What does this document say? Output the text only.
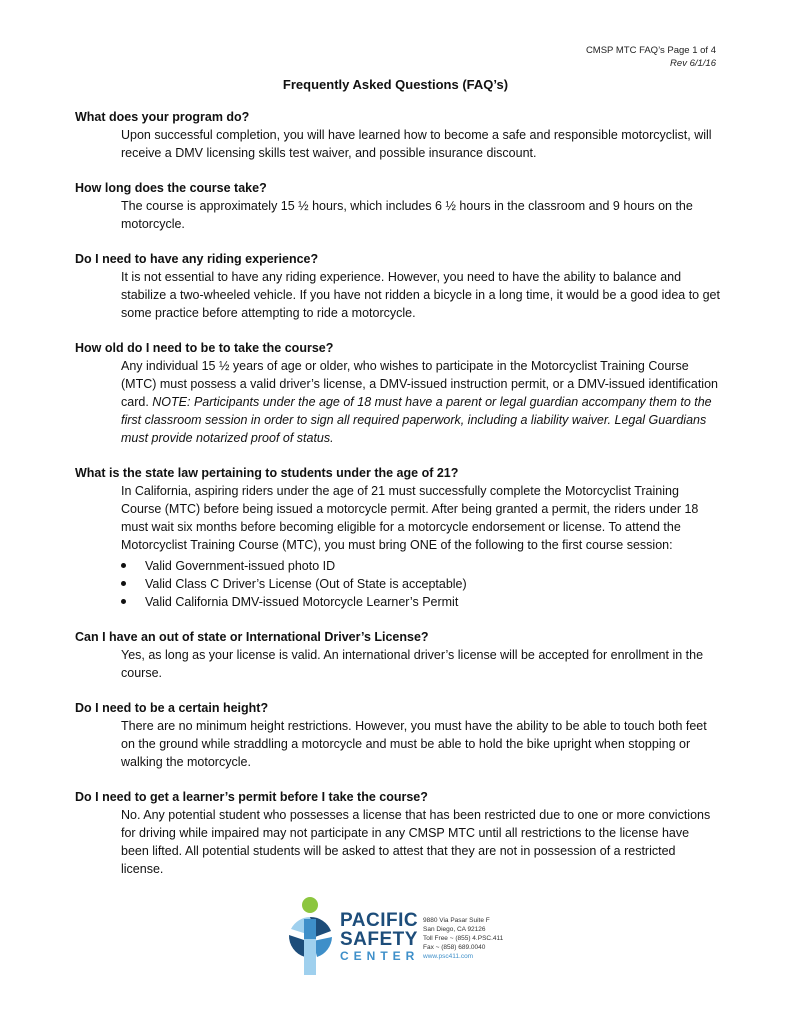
CMSP MTC FAQ’s Page 1 of 4
Rev 6/1/16
Frequently Asked Questions (FAQ’s)
What does your program do?
Upon successful completion, you will have learned how to become a safe and responsible motorcyclist, will receive a DMV licensing skills test waiver, and possible insurance discount.
How long does the course take?
The course is approximately 15 ½ hours, which includes 6 ½ hours in the classroom and 9 hours on the motorcycle.
Do I need to have any riding experience?
It is not essential to have any riding experience. However, you need to have the ability to balance and stabilize a two-wheeled vehicle. If you have not ridden a bicycle in a long time, it would be a good idea to get some practice before attempting to ride a motorcycle.
How old do I need to be to take the course?
Any individual 15 ½ years of age or older, who wishes to participate in the Motorcyclist Training Course (MTC) must possess a valid driver’s license, a DMV-issued instruction permit, or a DMV-issued identification card. NOTE: Participants under the age of 18 must have a parent or legal guardian accompany them to the first classroom session in order to sign all required paperwork, including a liability waiver. Legal Guardians must provide notarized proof of status.
What is the state law pertaining to students under the age of 21?
In California, aspiring riders under the age of 21 must successfully complete the Motorcyclist Training Course (MTC) before being issued a motorcycle permit. After being granted a permit, the riders under 18 must wait six months before becoming eligible for a motorcycle endorsement or license. To attend the Motorcyclist Training Course (MTC), you must bring ONE of the following to the first course session:
Valid Government-issued photo ID
Valid Class C Driver’s License (Out of State is acceptable)
Valid California DMV-issued Motorcycle Learner’s Permit
Can I have an out of state or International Driver’s License?
Yes, as long as your license is valid. An international driver’s license will be accepted for enrollment in the course.
Do I need to be a certain height?
There are no minimum height restrictions. However, you must have the ability to be able to touch both feet on the ground while straddling a motorcycle and must be able to hold the bike upright when stopping or walking the motorcycle.
Do I need to get a learner’s permit before I take the course?
No. Any potential student who possesses a license that has been restricted due to one or more convictions for driving while impaired may not participate in any CMSP MTC until all restrictions to the license have been lifted. All potential students will be asked to attest that they are not in possession of a restricted license.
PACIFIC
SAFETY
CENTER
9880 Via Pasar Suite F
San Diego, CA 92126
Toll Free ~ (855) 4.PSC.411
Fax ~ (858) 689.0040
www.psc411.com
